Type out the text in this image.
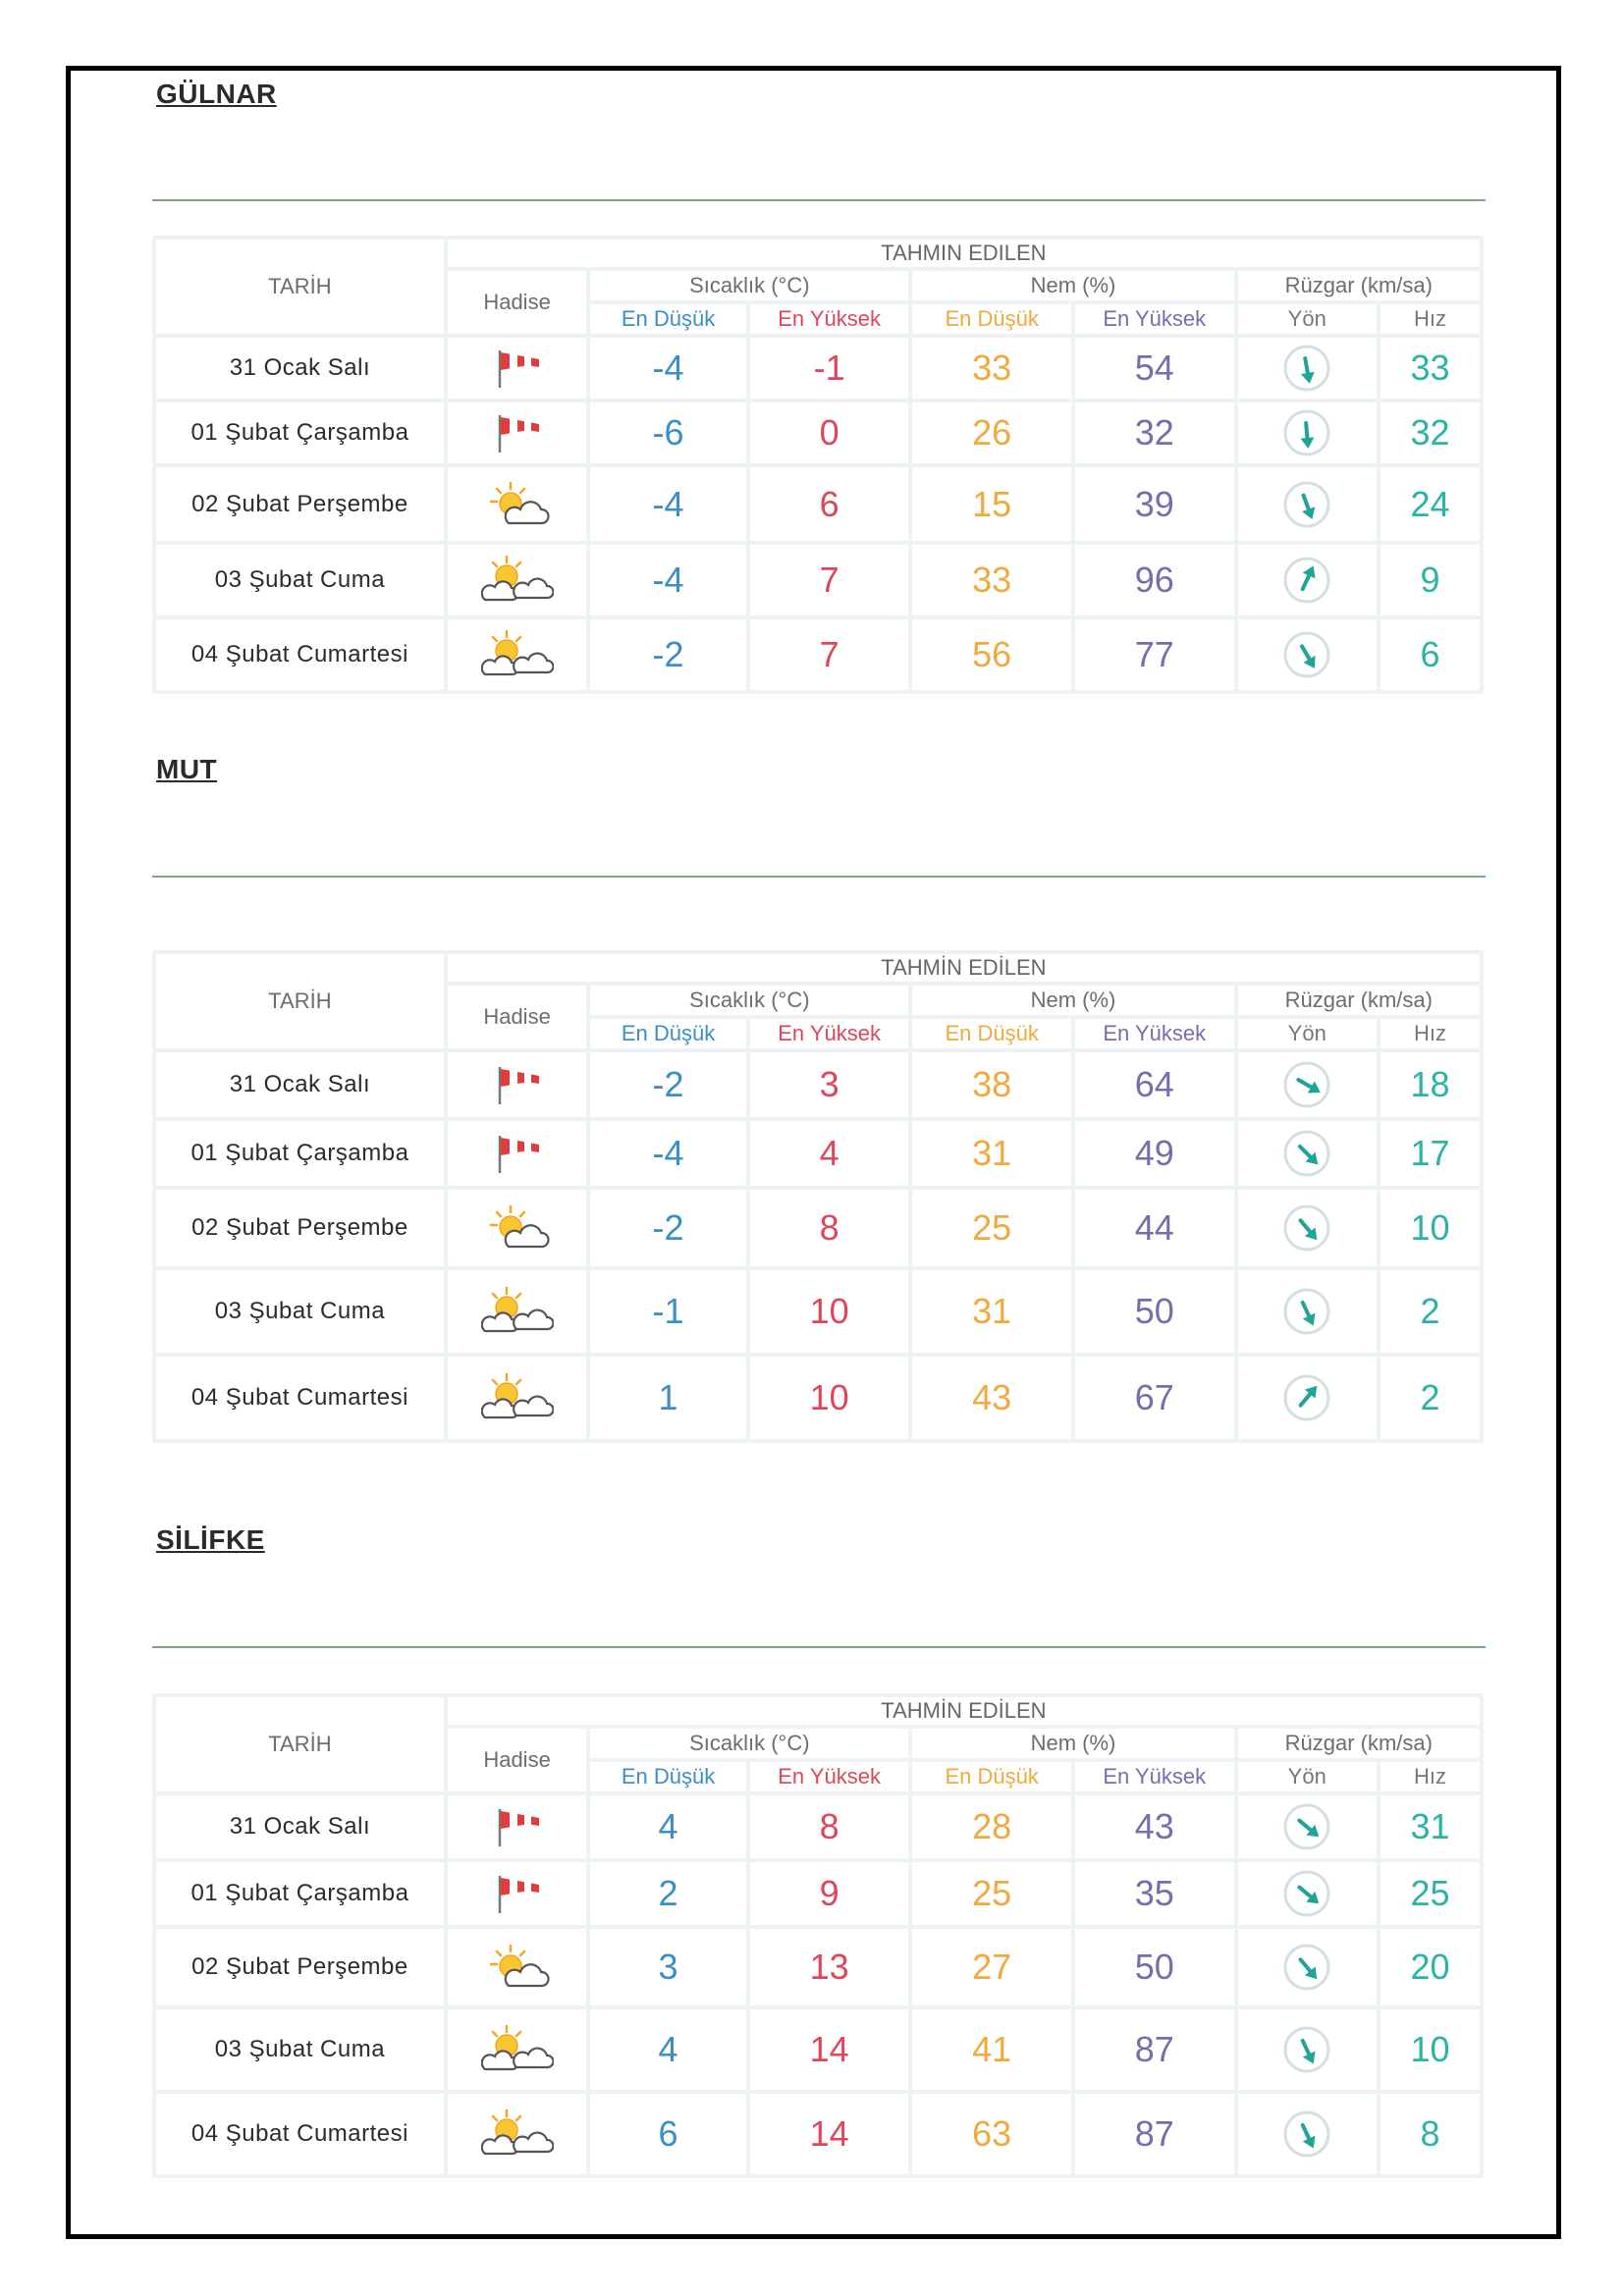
GÜLNAR
TARİH	TAHMIN EDILEN						
	Hadise	Sıcaklık (°C)		Nem (%)		Rüzgar (km/sa)	
		En Düşük	En Yüksek	En Düşük	En Yüksek	Yön	Hız
31 Ocak Salı		-4	-1	33	54		33
01 Şubat Çarşamba		-6	0	26	32		32
02 Şubat Perşembe		-4	6	15	39		24
03 Şubat Cuma		-4	7	33	96		9
04 Şubat Cumartesi		-2	7	56	77		6
MUT
TARİH	TAHMİN EDİLEN						
	Hadise	Sıcaklık (°C)		Nem (%)		Rüzgar (km/sa)	
		En Düşük	En Yüksek	En Düşük	En Yüksek	Yön	Hız
31 Ocak Salı		-2	3	38	64		18
01 Şubat Çarşamba		-4	4	31	49		17
02 Şubat Perşembe		-2	8	25	44		10
03 Şubat Cuma		-1	10	31	50		2
04 Şubat Cumartesi		1	10	43	67		2
SİLİFKE
TARİH	TAHMİN EDİLEN						
	Hadise	Sıcaklık (°C)		Nem (%)		Rüzgar (km/sa)	
		En Düşük	En Yüksek	En Düşük	En Yüksek	Yön	Hız
31 Ocak Salı		4	8	28	43		31
01 Şubat Çarşamba		2	9	25	35		25
02 Şubat Perşembe		3	13	27	50		20
03 Şubat Cuma		4	14	41	87		10
04 Şubat Cumartesi		6	14	63	87		8
